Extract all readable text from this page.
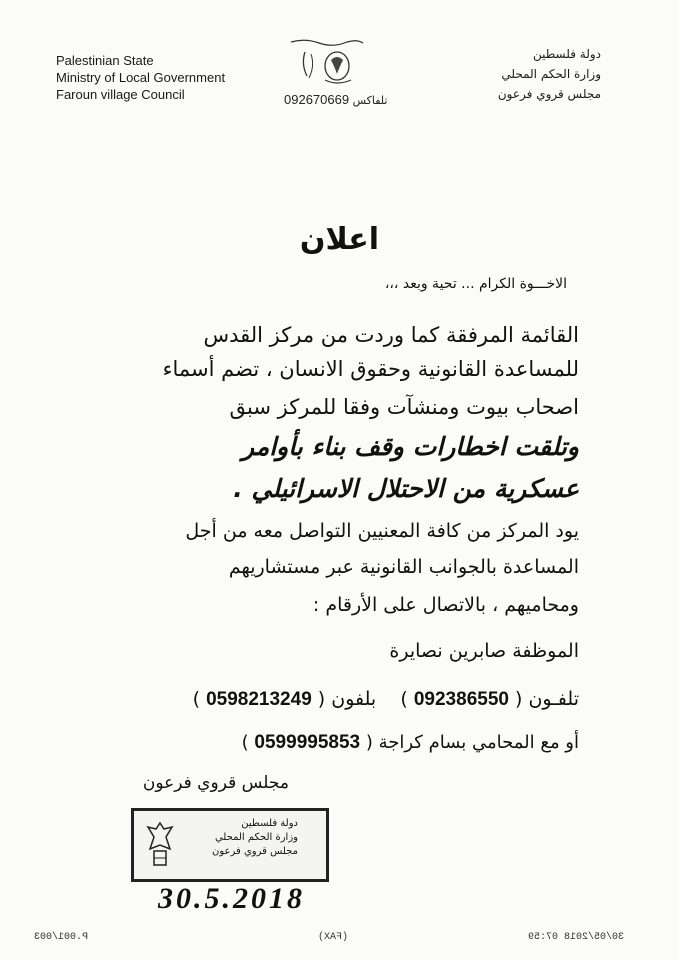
Palestinian State
Ministry of Local Government
Faroun village Council
دولة فلسطين
وزارة الحكم المحلي
مجلس قروي فرعون
092670669 تلفاكس
اعلان
الاخـــوة الكرام ... تحية وبعد ،،،
القائمة المرفقة كما وردت من مركز القدس
للمساعدة القانونية وحقوق الانسان ، تضم أسماء
اصحاب بيوت ومنشآت وفقا للمركز سبق
وتلقت اخطارات وقف بناء بأوامر
عسكرية من الاحتلال الاسرائيلي .
يود المركز من كافة المعنيين التواصل معه من أجل
المساعدة بالجوانب القانونية عبر مستشاريهم
ومحاميهم ، بالاتصال على الأرقام :
الموظفة صابرين نصايرة
تلفـون ( 092386550 )    بلفون ( 0598213249 )
أو مع المحامي بسام كراجة ( 0599995853 )
مجلس قروي فرعون
دولة فلسطين
وزارة الحكم المحلي
مجلس قروي فرعون
30.5.2018
P.001/003	(FAX)	30/05/2018 07:59
